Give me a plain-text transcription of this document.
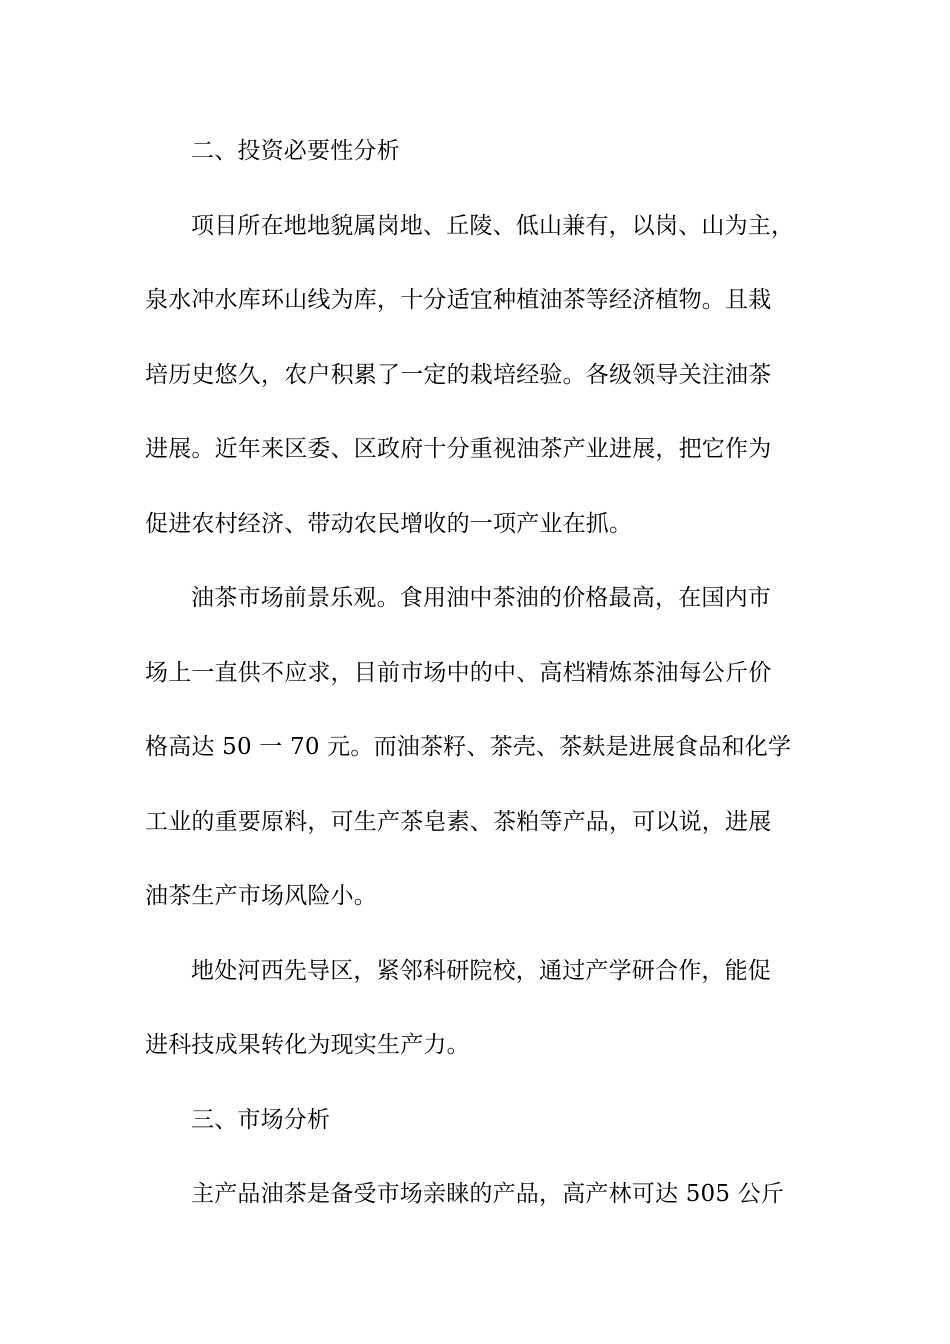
二、投资必要性分析
项目所在地地貌属岗地、丘陵、低山兼有，以岗、山为主，
泉水冲水库环山线为库，十分适宜种植油茶等经济植物。且栽
培历史悠久，农户积累了一定的栽培经验。各级领导关注油茶
进展。近年来区委、区政府十分重视油茶产业进展，把它作为
促进农村经济、带动农民增收的一项产业在抓。
油茶市场前景乐观。食用油中茶油的价格最高，在国内市
场上一直供不应求，目前市场中的中、高档精炼茶油每公斤价
格高达 50 一 70 元。而油茶籽、茶壳、茶麸是进展食品和化学
工业的重要原料，可生产茶皂素、茶粕等产品，可以说，进展
油茶生产市场风险小。
地处河西先导区，紧邻科研院校，通过产学研合作，能促
进科技成果转化为现实生产力。
三、市场分析
主产品油茶是备受市场亲睐的产品，高产林可达 505 公斤
